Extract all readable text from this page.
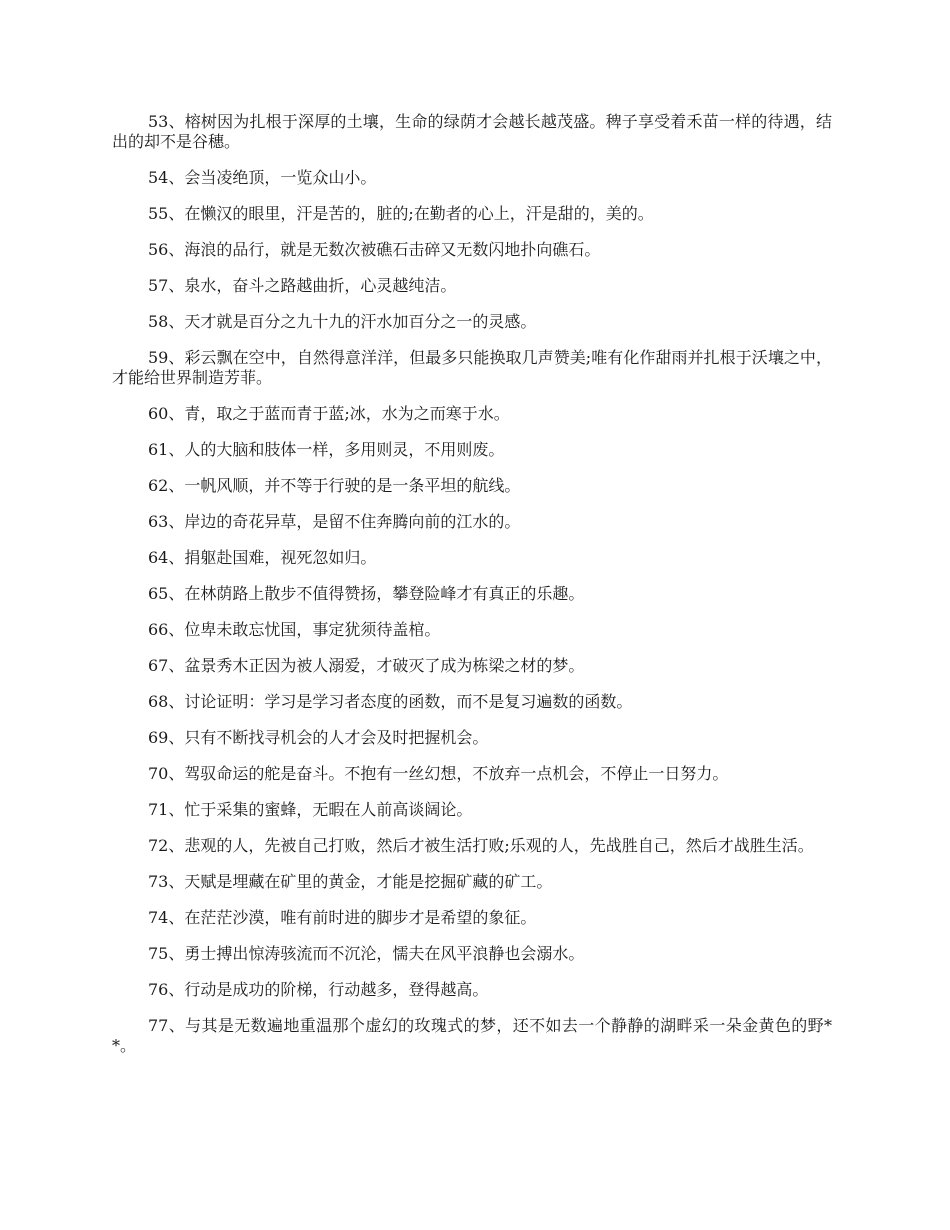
53、榕树因为扎根于深厚的土壤，生命的绿荫才会越长越茂盛。稗子享受着禾苗一样的待遇，结出的却不是谷穗。

54、会当凌绝顶，一览众山小。

55、在懒汉的眼里，汗是苦的，脏的;在勤者的心上，汗是甜的，美的。

56、海浪的品行，就是无数次被礁石击碎又无数闪地扑向礁石。

57、泉水，奋斗之路越曲折，心灵越纯洁。

58、天才就是百分之九十九的汗水加百分之一的灵感。

59、彩云飘在空中，自然得意洋洋，但最多只能换取几声赞美;唯有化作甜雨并扎根于沃壤之中，才能给世界制造芳菲。

60、青，取之于蓝而青于蓝;冰，水为之而寒于水。

61、人的大脑和肢体一样，多用则灵，不用则废。

62、一帆风顺，并不等于行驶的是一条平坦的航线。

63、岸边的奇花异草，是留不住奔腾向前的江水的。

64、捐躯赴国难，视死忽如归。

65、在林荫路上散步不值得赞扬，攀登险峰才有真正的乐趣。

66、位卑未敢忘忧国，事定犹须待盖棺。

67、盆景秀木正因为被人溺爱，才破灭了成为栋梁之材的梦。

68、讨论证明：学习是学习者态度的函数，而不是复习遍数的函数。

69、只有不断找寻机会的人才会及时把握机会。

70、驾驭命运的舵是奋斗。不抱有一丝幻想，不放弃一点机会，不停止一日努力。

71、忙于采集的蜜蜂，无暇在人前高谈阔论。

72、悲观的人，先被自己打败，然后才被生活打败;乐观的人，先战胜自己，然后才战胜生活。

73、天赋是埋藏在矿里的黄金，才能是挖掘矿藏的矿工。

74、在茫茫沙漠，唯有前时进的脚步才是希望的象征。

75、勇士搏出惊涛骇流而不沉沦，懦夫在风平浪静也会溺水。

76、行动是成功的阶梯，行动越多，登得越高。

77、与其是无数遍地重温那个虚幻的玫瑰式的梦，还不如去一个静静的湖畔采一朵金黄色的野**。
